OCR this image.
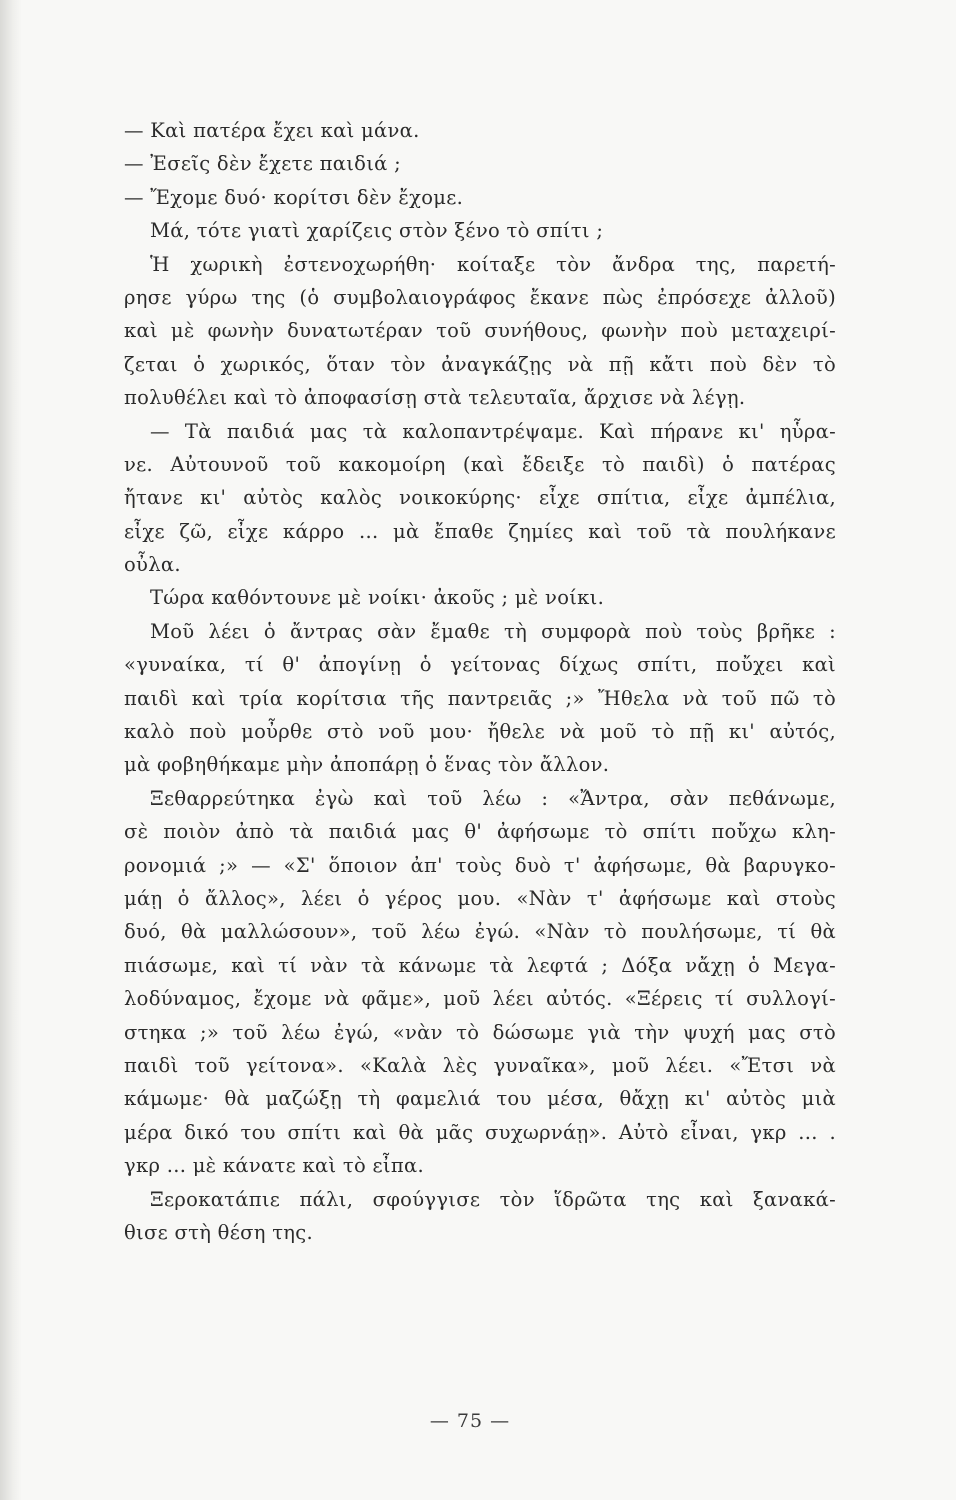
— Καὶ πατέρα ἔχει καὶ μάνα.
— Ἐσεῖς δὲν ἔχετε παιδιά ;
— Ἔχομε δυό· κορίτσι δὲν ἔχομε.
Μά, τότε γιατὶ χαρίζεις στὸν ξένο τὸ σπίτι ;
Ἡ χωρικὴ ἐστενοχωρήθη· κοίταξε τὸν ἄνδρα της, παρετή-
ρησε γύρω της (ὁ συμβολαιογράφος ἔκανε πὼς ἐπρόσεχε ἀλλοῦ)
καὶ μὲ φωνὴν δυνατωτέραν τοῦ συνήθους, φωνὴν ποὺ μεταχειρί-
ζεται ὁ χωρικός, ὅταν τὸν ἀναγκάζῃς νὰ πῇ κἄτι ποὺ δὲν τὸ
πολυθέλει καὶ τὸ ἀποφασίσῃ στὰ τελευταῖα, ἄρχισε νὰ λέγῃ.
— Τὰ παιδιά μας τὰ καλοπαντρέψαμε. Καὶ πήρανε κι' ηὗρα-
νε. Αὐτουνοῦ τοῦ κακομοίρη (καὶ ἔδειξε τὸ παιδὶ) ὁ πατέρας
ἤτανε κι' αὐτὸς καλὸς νοικοκύρης· εἶχε σπίτια, εἶχε ἀμπέλια,
εἶχε ζῶ, εἶχε κάρρο ... μὰ ἔπαθε ζημίες καὶ τοῦ τὰ πουλήκανε
οὖλα.
Τώρα καθόντουνε μὲ νοίκι· ἀκοῦς ; μὲ νοίκι.
Μοῦ λέει ὁ ἄντρας σὰν ἔμαθε τὴ συμφορὰ ποὺ τοὺς βρῆκε :
«γυναίκα, τί θ' ἀπογίνῃ ὁ γείτονας δίχως σπίτι, ποὔχει καὶ
παιδὶ καὶ τρία κορίτσια τῆς παντρειᾶς ;» Ἤθελα νὰ τοῦ πῶ τὸ
καλὸ ποὺ μοὖρθε στὸ νοῦ μου· ἤθελε νὰ μοῦ τὸ πῇ κι' αὐτός,
μὰ φοβηθήκαμε μὴν ἀποπάρῃ ὁ ἕνας τὸν ἄλλον.
Ξεθαρρεύτηκα ἐγὼ καὶ τοῦ λέω : «Ἄντρα, σὰν πεθάνωμε,
σὲ ποιὸν ἀπὸ τὰ παιδιά μας θ' ἀφήσωμε τὸ σπίτι ποὔχω κλη-
ρονομιά ;» — «Σ' ὅποιον ἀπ' τοὺς δυὸ τ' ἀφήσωμε, θὰ βαρυγκο-
μάῃ ὁ ἄλλος», λέει ὁ γέρος μου. «Νὰν τ' ἀφήσωμε καὶ στοὺς
δυό, θὰ μαλλώσουν», τοῦ λέω ἐγώ. «Νὰν τὸ πουλήσωμε, τί θὰ
πιάσωμε, καὶ τί νὰν τὰ κάνωμε τὰ λεφτά ; Δόξα νἄχῃ ὁ Μεγα-
λοδύναμος, ἔχομε νὰ φᾶμε», μοῦ λέει αὐτός. «Ξέρεις τί συλλογί-
στηκα ;» τοῦ λέω ἐγώ, «νὰν τὸ δώσωμε γιὰ τὴν ψυχή μας στὸ
παιδὶ τοῦ γείτονα». «Καλὰ λὲς γυναῖκα», μοῦ λέει. «Ἔτσι νὰ
κάμωμε· θὰ μαζώξῃ τὴ φαμελιά του μέσα, θἄχῃ κι' αὐτὸς μιὰ
μέρα δικό του σπίτι καὶ θὰ μᾶς συχωρνάῃ». Αὐτὸ εἶναι, γκρ ... .
γκρ ... μὲ κάνατε καὶ τὸ εἶπα.
Ξεροκατάπιε πάλι, σφούγγισε τὸν ἵδρῶτα της καὶ ξανακά-
θισε στὴ θέση της.
— 75 —
